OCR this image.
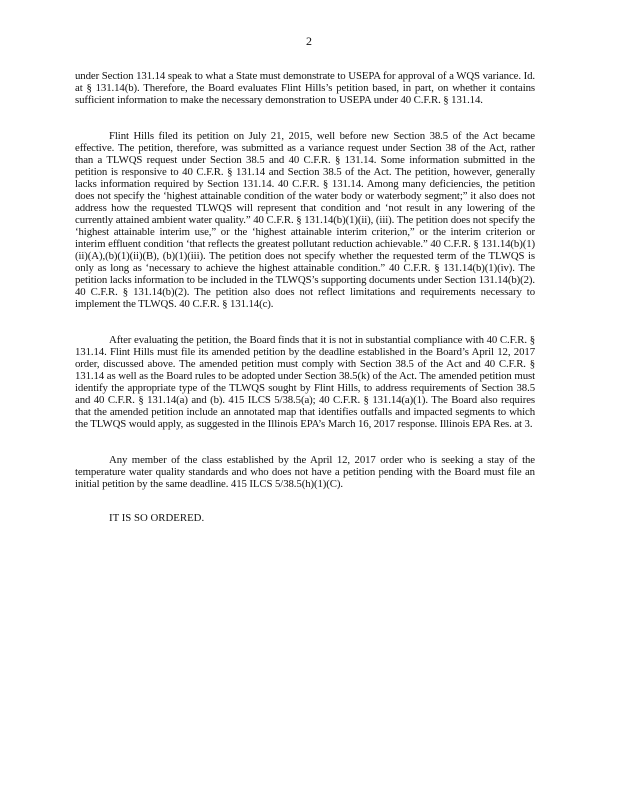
2

under Section 131.14 speak to what a State must demonstrate to USEPA for approval of a WQS variance. Id. at § 131.14(b). Therefore, the Board evaluates Flint Hills’s petition based, in part, on whether it contains sufficient information to make the necessary demonstration to USEPA under 40 C.F.R. § 131.14.

Flint Hills filed its petition on July 21, 2015, well before new Section 38.5 of the Act became effective. The petition, therefore, was submitted as a variance request under Section 38 of the Act, rather than a TLWQS request under Section 38.5 and 40 C.F.R. § 131.14. Some information submitted in the petition is responsive to 40 C.F.R. § 131.14 and Section 38.5 of the Act. The petition, however, generally lacks information required by Section 131.14. 40 C.F.R. § 131.14. Among many deficiencies, the petition does not specify the ‘highest attainable condition of the water body or waterbody segment;” it also does not address how the requested TLWQS will represent that condition and ‘not result in any lowering of the currently attained ambient water quality.” 40 C.F.R. § 131.14(b)(1)(ii), (iii). The petition does not specify the ‘highest attainable interim use,” or the ‘highest attainable interim criterion,” or the interim criterion or interim effluent condition ‘that reflects the greatest pollutant reduction achievable.” 40 C.F.R. § 131.14(b)(1)(ii)(A),(b)(1)(ii)(B), (b)(1)(iii). The petition does not specify whether the requested term of the TLWQS is only as long as ‘necessary to achieve the highest attainable condition.” 40 C.F.R. § 131.14(b)(1)(iv). The petition lacks information to be included in the TLWQS’s supporting documents under Section 131.14(b)(2). 40 C.F.R. § 131.14(b)(2). The petition also does not reflect limitations and requirements necessary to implement the TLWQS. 40 C.F.R. § 131.14(c).

After evaluating the petition, the Board finds that it is not in substantial compliance with 40 C.F.R. § 131.14. Flint Hills must file its amended petition by the deadline established in the Board’s April 12, 2017 order, discussed above. The amended petition must comply with Section 38.5 of the Act and 40 C.F.R. § 131.14 as well as the Board rules to be adopted under Section 38.5(k) of the Act. The amended petition must identify the appropriate type of the TLWQS sought by Flint Hills, to address requirements of Section 38.5 and 40 C.F.R. § 131.14(a) and (b). 415 ILCS 5/38.5(a); 40 C.F.R. § 131.14(a)(1). The Board also requires that the amended petition include an annotated map that identifies outfalls and impacted segments to which the TLWQS would apply, as suggested in the Illinois EPA’s March 16, 2017 response. Illinois EPA Res. at 3.

Any member of the class established by the April 12, 2017 order who is seeking a stay of the temperature water quality standards and who does not have a petition pending with the Board must file an initial petition by the same deadline. 415 ILCS 5/38.5(h)(1)(C).

IT IS SO ORDERED.
